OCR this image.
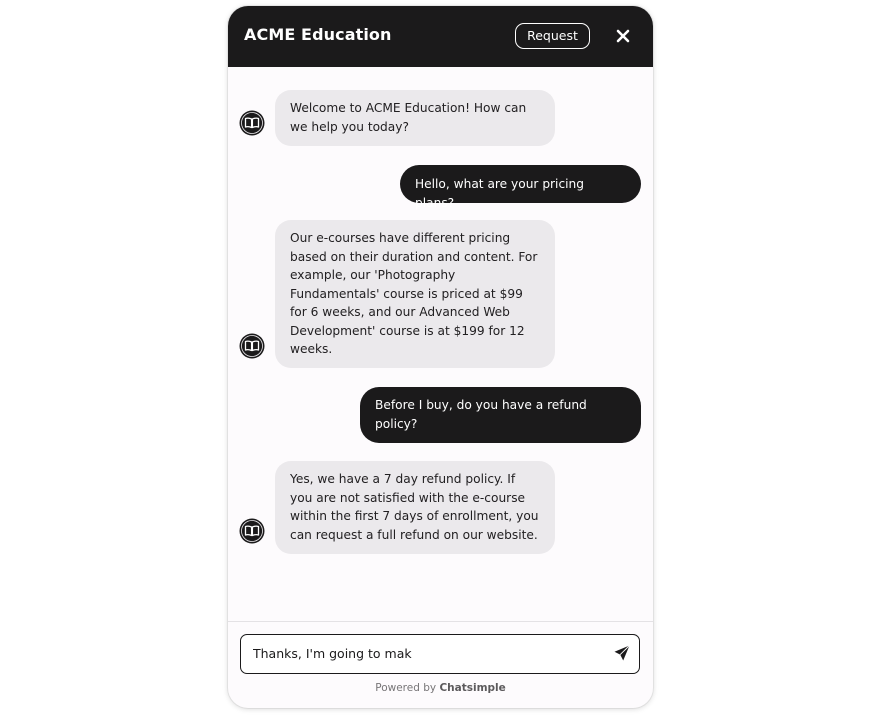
ACME Education	Request
Welcome to ACME Education! How can we help you today?
Hello, what are your pricing plans?
Our e-courses have different pricing based on their duration and content. For example, our 'Photography Fundamentals' course is priced at $99 for 6 weeks, and our Advanced Web Development' course is at $199 for 12 weeks.
Before I buy, do you have a refund policy?
Yes, we have a 7 day refund policy. If you are not satisfied with the e-course within the first 7 days of enrollment, you can request a full refund on our website.
Thanks, I'm going to mak
Powered by Chatsimple
